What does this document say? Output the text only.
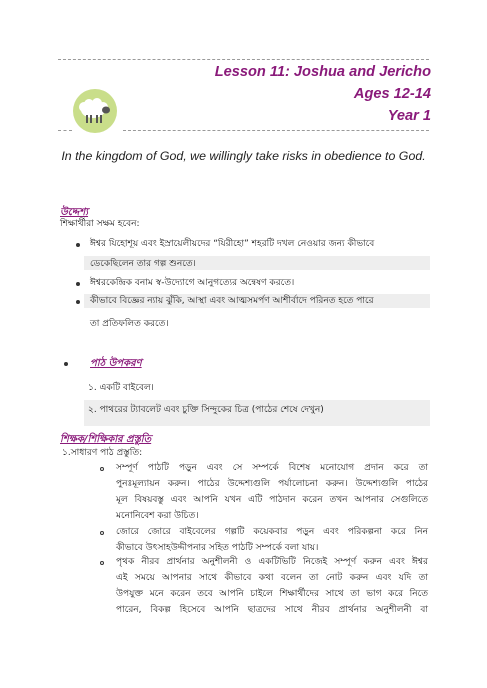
Lesson 11: Joshua and Jericho
Ages 12-14
Year 1
In the kingdom of God, we willingly take risks in obedience to God.
উদ্দেশ্য
শিক্ষার্থীরা সক্ষম হবেন:
ঈশ্বর যিহোশূয় এবং ইস্রায়েলীয়দের “যিরীহো” শহরটি দখল নেওয়ার জন্য কীভাবে
ডেকেছিলেন তার গল্প শুনতে।
ঈশ্বরকেন্দ্রিক বনাম স্ব-উদ্যোগে আনুগত্যের অন্বেষণ করতে।
কীভাবে বিজ্ঞের ন্যায় ঝুঁকি, আস্থা এবং আত্মসমর্পণ আশীর্বাদে পরিনত হতে পারে
তা প্রতিফলিত করতে।
পাঠ উপকরণ
১. একটি বাইবেল।
২. পাথরের ট্যাবলেট এবং চুক্তি সিন্দুকের চিত্র (পাঠের শেষে দেখুন)
শিক্ষক/শিক্ষিকার প্রস্তুতি
১.সাধারণ পাঠ প্রস্তুতি:
সম্পূর্ণ পাঠটি পড়ুন এবং সে সম্পর্কে বিশেষ মনোযোগ প্রদান করে তা
পুনঃমূল্যায়ন করুন। পাঠের উদ্দেশ্যগুলি পর্যালোচনা করুন। উদ্দেশ্যগুলি পাঠের
মূল বিষয়বস্তু এবং আপনি যখন এটি পাঠদান করেন তখন আপনার সেগুলিতে
মনোনিবেশ করা উচিত।
জোরে জোরে বাইবেলের গল্পটি কয়েকবার পড়ুন এবং পরিকল্পনা করে নিন
কীভাবে উৎসাহউদ্দীপনার সহিত পাঠটি সম্পর্কে বলা যায়।
পৃথক নীরব প্রার্থনার অনুশীলনী ও একটিভিটি নিজেই সম্পূর্ণ করুন এবং ঈশ্বর
এই সময়ে আপনার সাথে কীভাবে কথা বলেন তা নোট করুন এবং যদি তা
উপযুক্ত মনে করেন তবে আপনি চাইলে শিক্ষার্থীদের সাথে তা ভাগ করে নিতে
পারেন, বিকল্প হিসেবে আপনি ছাত্রদের সাথে নীরব প্রার্থনার অনুশীলনী বা
